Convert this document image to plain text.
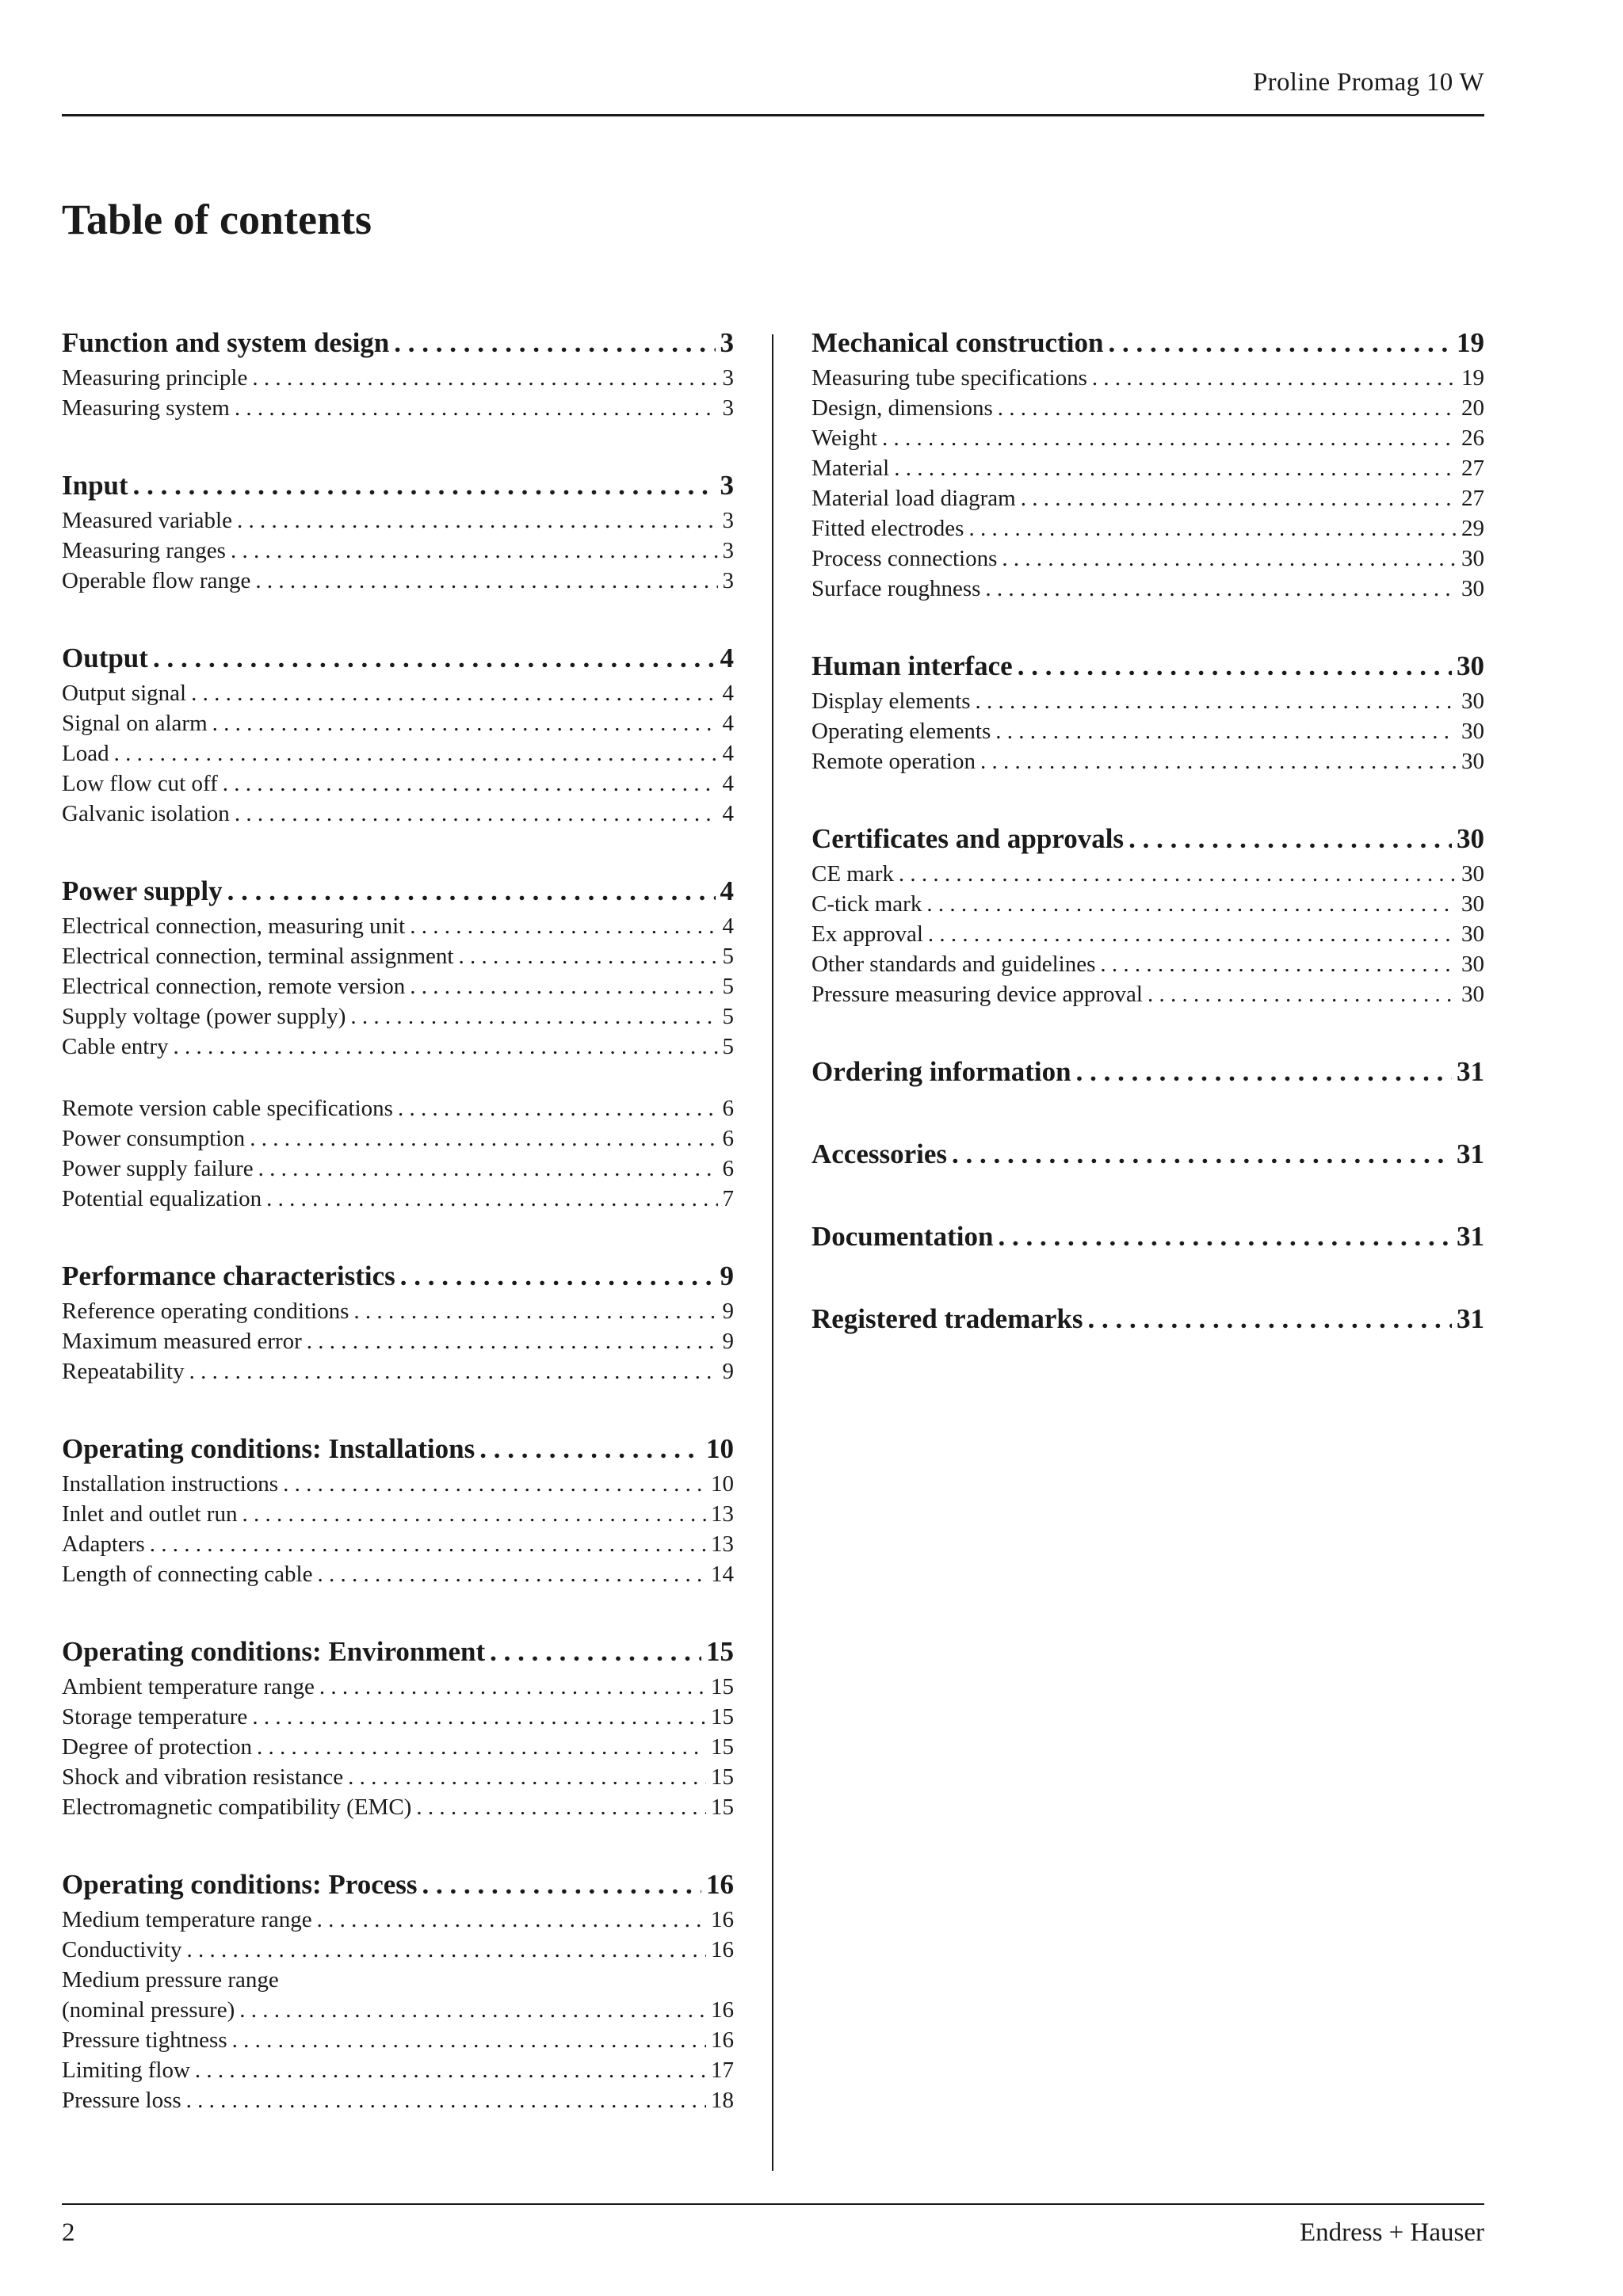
Proline Promag 10 W
Table of contents
Function and system design . . .	3
Measuring principle . . .	3
Measuring system . . .	3
Input . . .	3
Measured variable . . .	3
Measuring ranges . . .	3
Operable flow range . . .	3
Output . . .	4
Output signal . . .	4
Signal on alarm . . .	4
Load . . .	4
Low flow cut off . . .	4
Galvanic isolation . . .	4
Power supply . . .	4
Electrical connection, measuring unit . . .	4
Electrical connection, terminal assignment . . .	5
Electrical connection, remote version . . .	5
Supply voltage (power supply) . . .	5
Cable entry . . .	5
Remote version cable specifications . . .	6
Power consumption . . .	6
Power supply failure . . .	6
Potential equalization . . .	7
Performance characteristics . . .	9
Reference operating conditions . . .	9
Maximum measured error . . .	9
Repeatability . . .	9
Operating conditions: Installations . . .	10
Installation instructions . . .	10
Inlet and outlet run . . .	13
Adapters . . .	13
Length of connecting cable . . .	14
Operating conditions: Environment . . .	15
Ambient temperature range . . .	15
Storage temperature . . .	15
Degree of protection . . .	15
Shock and vibration resistance . . .	15
Electromagnetic compatibility (EMC) . . .	15
Operating conditions: Process . . .	16
Medium temperature range . . .	16
Conductivity . . .	16
Medium pressure range
(nominal pressure) . . .	16
Pressure tightness . . .	16
Limiting flow . . .	17
Pressure loss . . .	18
Mechanical construction . . .	19
Measuring tube specifications . . .	19
Design, dimensions . . .	20
Weight . . .	26
Material . . .	27
Material load diagram . . .	27
Fitted electrodes . . .	29
Process connections . . .	30
Surface roughness . . .	30
Human interface . . .	30
Display elements . . .	30
Operating elements . . .	30
Remote operation . . .	30
Certificates and approvals . . .	30
CE mark . . .	30
C-tick mark . . .	30
Ex approval . . .	30
Other standards and guidelines . . .	30
Pressure measuring device approval . . .	30
Ordering information . . .	31
Accessories . . .	31
Documentation . . .	31
Registered trademarks . . .	31
2	Endress + Hauser
